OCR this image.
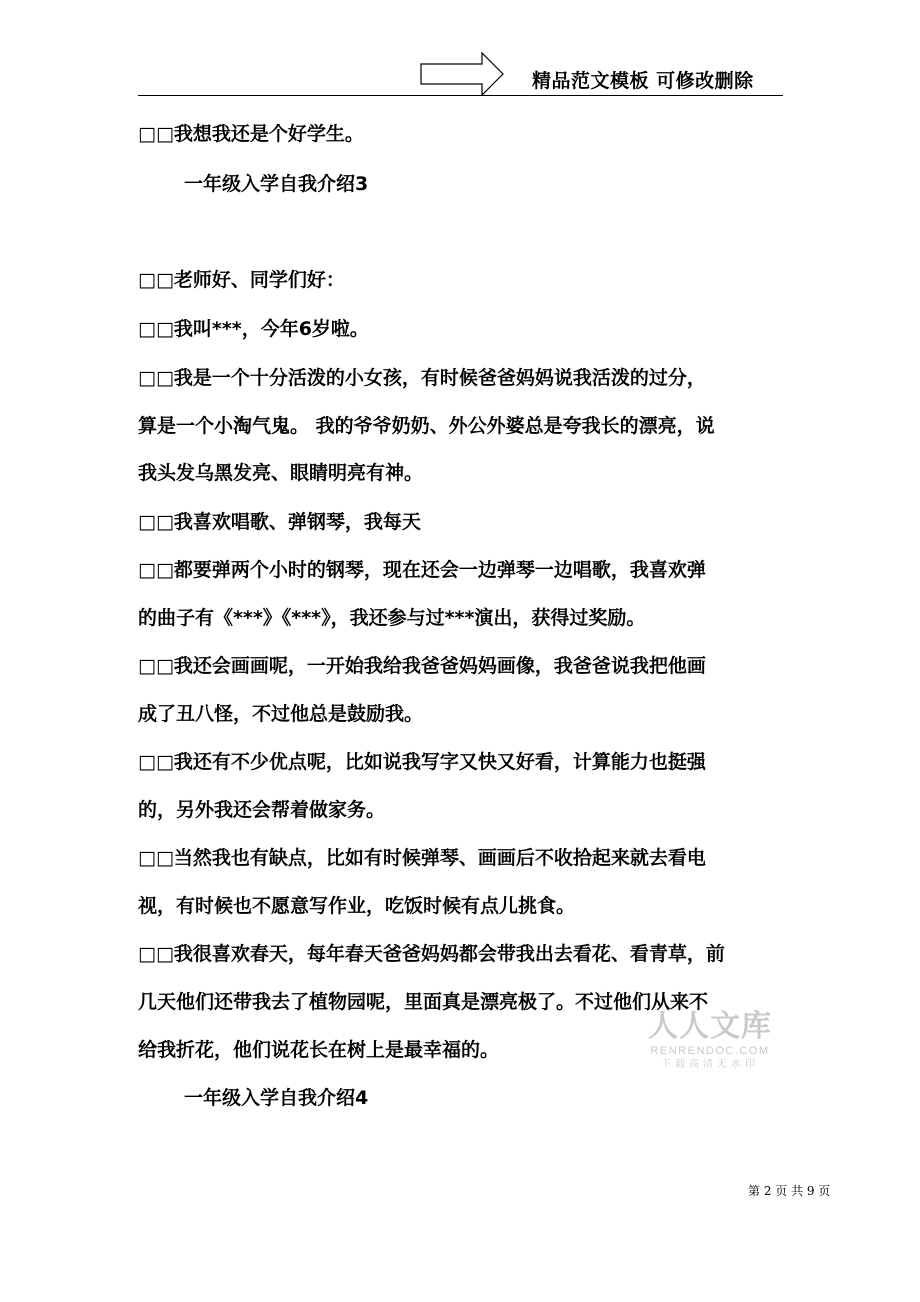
精品范文模板 可修改删除
□□我想我还是个好学生。
一年级入学自我介绍3
□□老师好、同学们好：
□□我叫***，今年6岁啦。
□□我是一个十分活泼的小女孩，有时候爸爸妈妈说我活泼的过分，
算是一个小淘气鬼。 我的爷爷奶奶、外公外婆总是夸我长的漂亮，说
我头发乌黑发亮、眼睛明亮有神。
□□我喜欢唱歌、弹钢琴，我每天
□□都要弹两个小时的钢琴，现在还会一边弹琴一边唱歌，我喜欢弹
的曲子有《***》《***》，我还参与过***演出，获得过奖励。
□□我还会画画呢，一开始我给我爸爸妈妈画像，我爸爸说我把他画
成了丑八怪，不过他总是鼓励我。
□□我还有不少优点呢，比如说我写字又快又好看，计算能力也挺强
的，另外我还会帮着做家务。
□□当然我也有缺点，比如有时候弹琴、画画后不收拾起来就去看电
视，有时候也不愿意写作业，吃饭时候有点儿挑食。
□□我很喜欢春天，每年春天爸爸妈妈都会带我出去看花、看青草，前
几天他们还带我去了植物园呢，里面真是漂亮极了。不过他们从来不
给我折花，他们说花长在树上是最幸福的。
一年级入学自我介绍4
人人文库
RENRENDOC.COM
下载高清无水印
第 2 页 共 9 页
